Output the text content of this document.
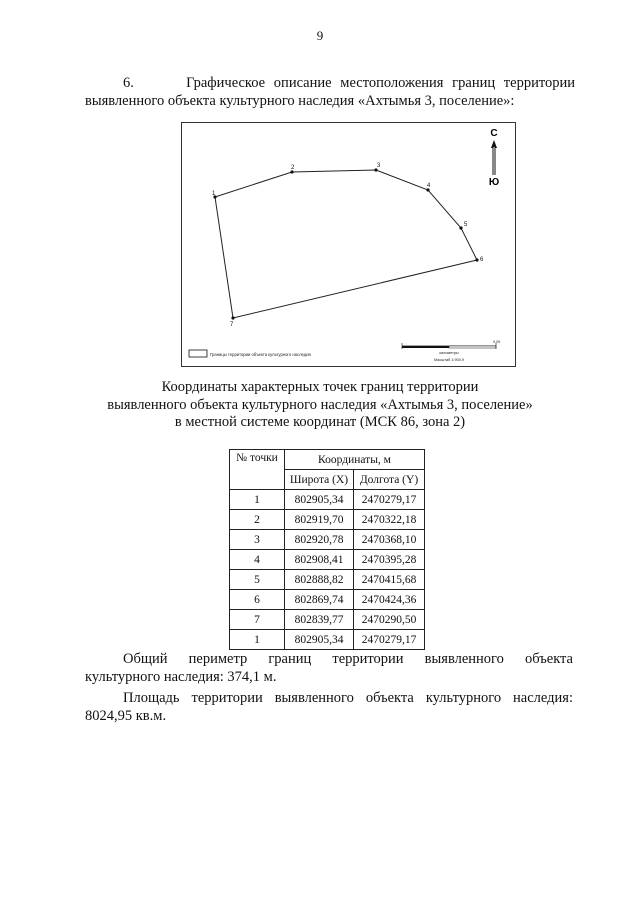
9
6.      Графическое описание местоположения границ территории
выявленного объекта культурного наследия «Ахтымья 3, поселение»:
1
2	3
4
5
6
7
С
Ю
Границы территории объекта культурного наследия
0.05
километры
Масштаб 1:900,9
Координаты характерных точек границ территории
выявленного объекта культурного наследия «Ахтымья 3, поселение»
в местной системе координат (МСК 86, зона 2)
№ точки	Координаты, м	
	Широта (X)	Долгота (Y)
1	802905,34	2470279,17
2	802919,70	2470322,18
3	802920,78	2470368,10
4	802908,41	2470395,28
5	802888,82	2470415,68
6	802869,74	2470424,36
7	802839,77	2470290,50
1	802905,34	2470279,17
Общий периметр границ территории выявленного объекта
культурного наследия: 374,1 м.
Площадь территории выявленного объекта культурного наследия:
8024,95 кв.м.
